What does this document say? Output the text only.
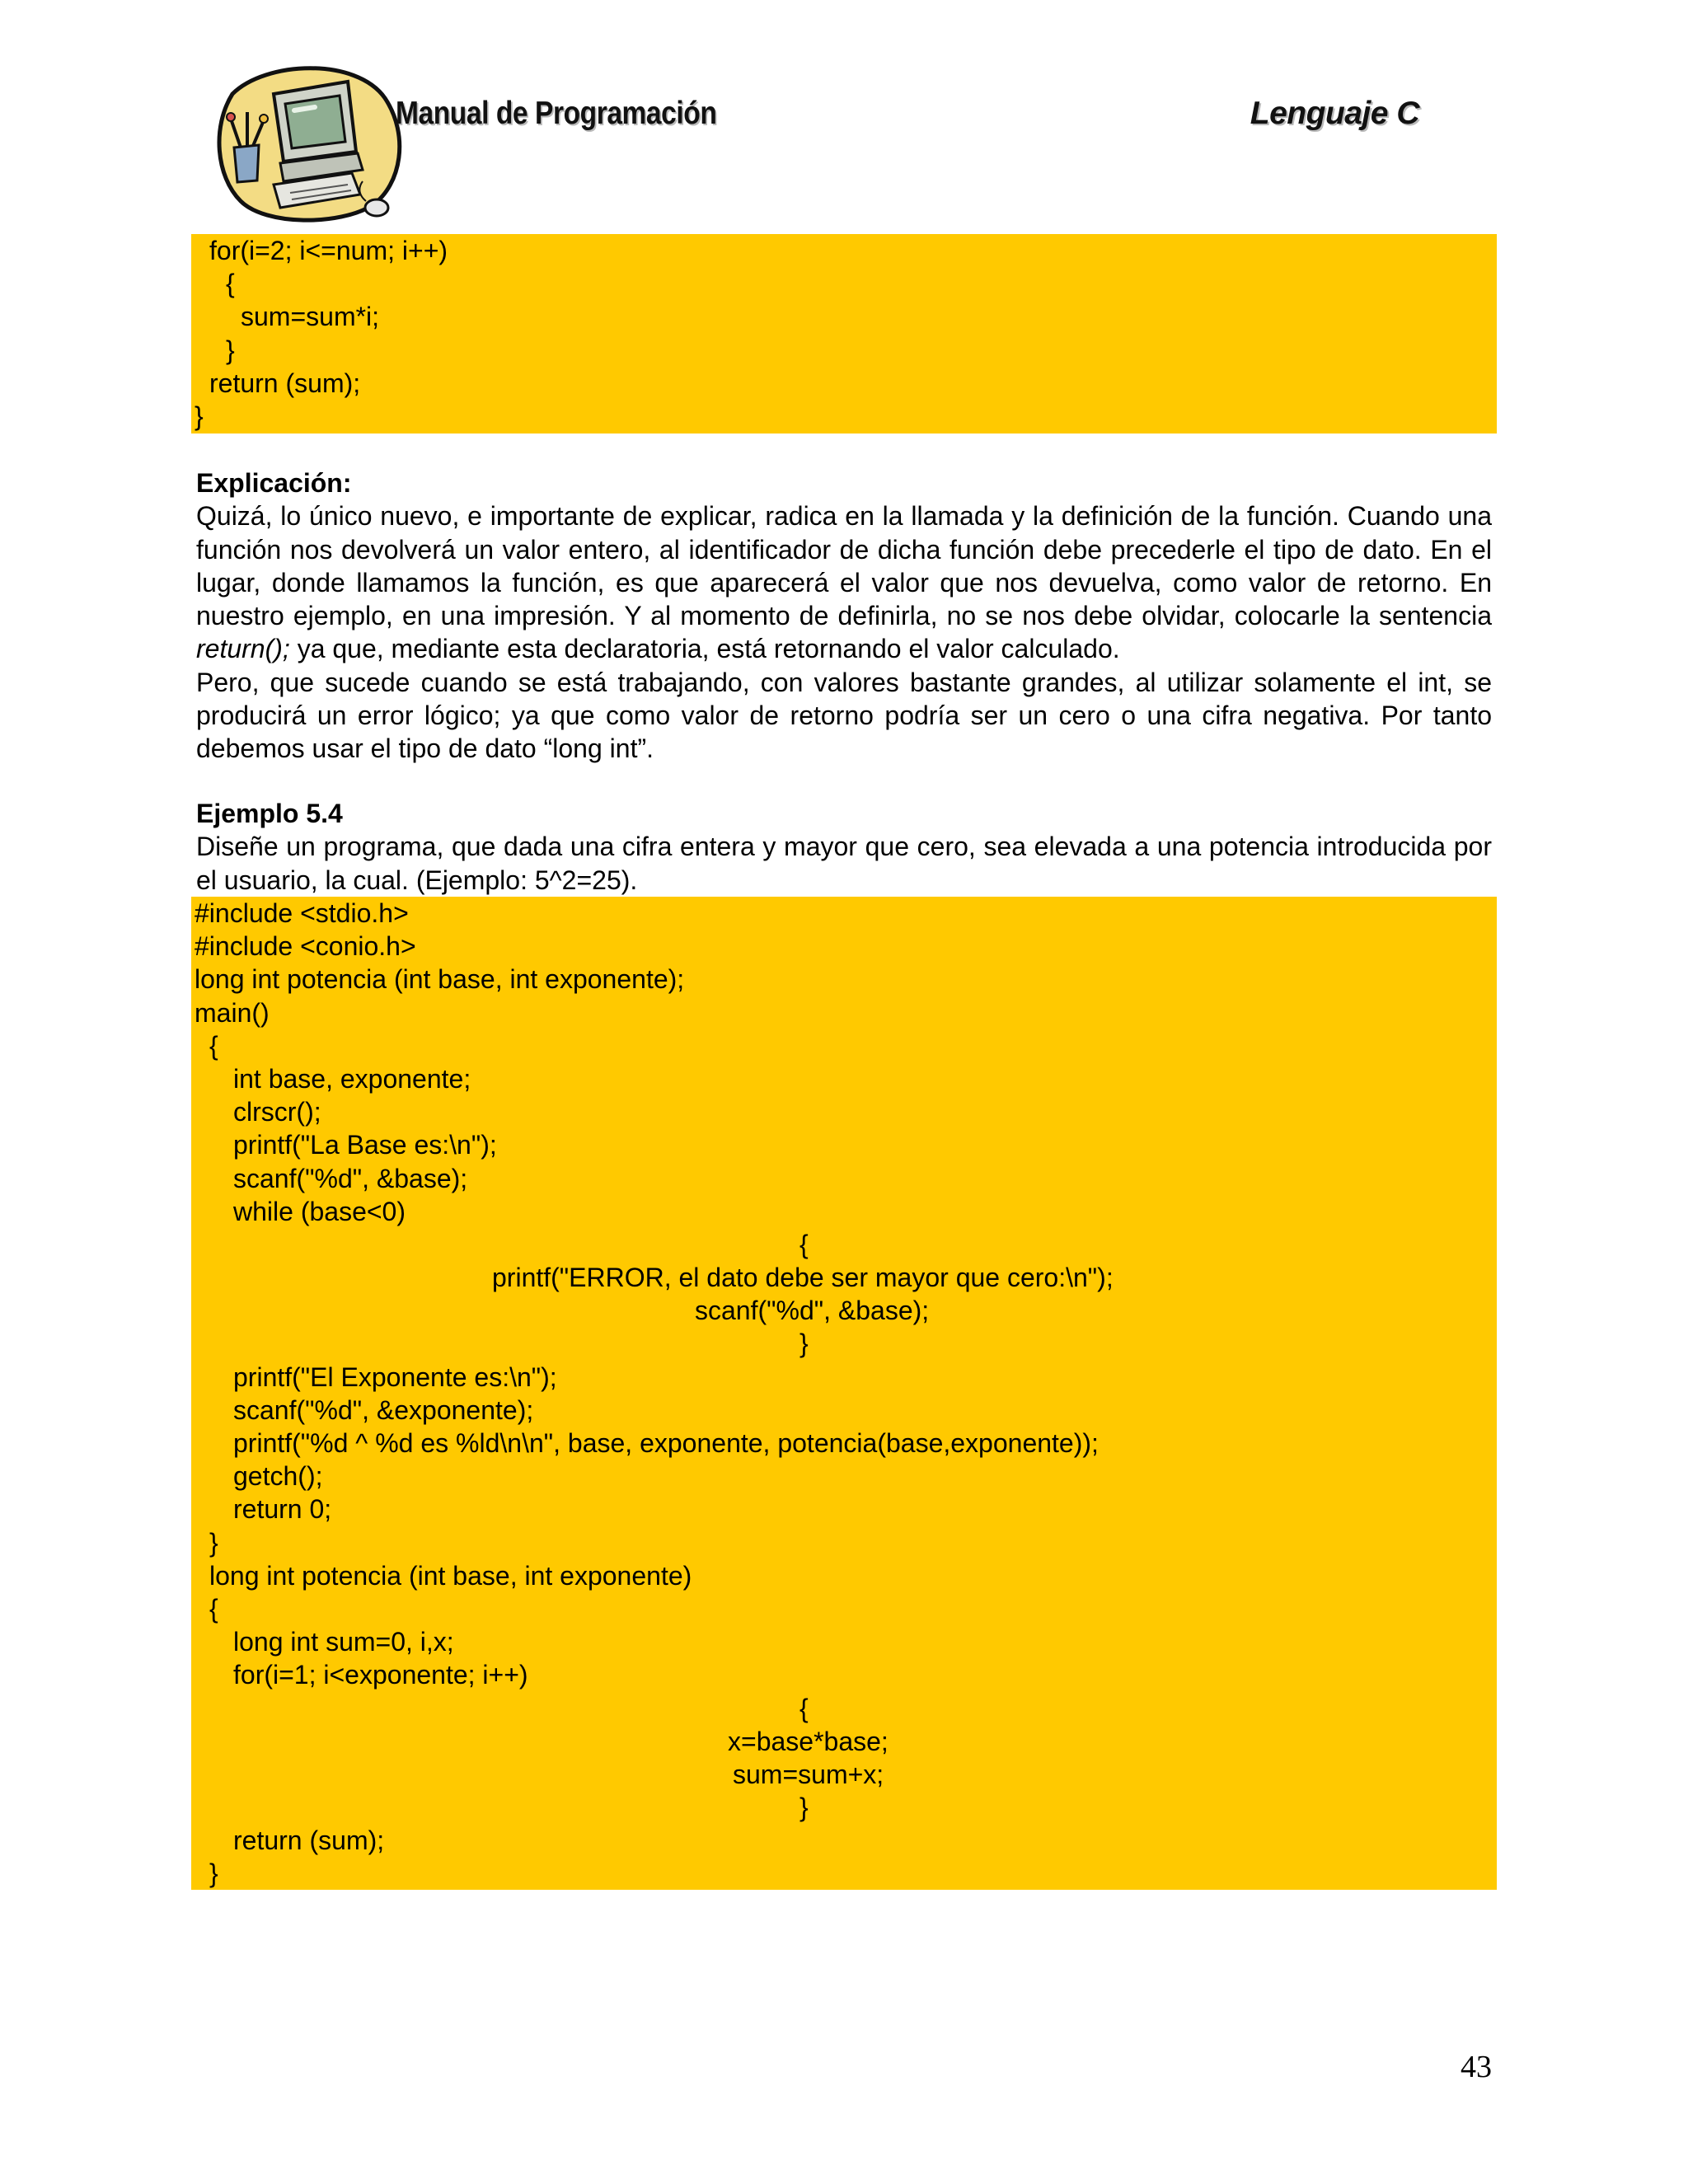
Manual de Programación	Lenguaje C
for(i=2; i<=num; i++)
{
sum=sum*i;
}
return (sum);
}
Explicación:

Quizá, lo único nuevo, e importante de explicar, radica en la llamada y la definición de la función. Cuando una función nos devolverá un valor entero, al identificador de dicha función debe precederle el tipo de dato. En el lugar, donde llamamos la función, es que aparecerá el valor que nos devuelva, como valor de retorno. En nuestro ejemplo, en una impresión. Y al momento de definirla, no se nos debe olvidar, colocarle la sentencia return(); ya que, mediante esta declaratoria, está retornando el valor calculado.

Pero, que sucede cuando se está trabajando, con valores bastante grandes, al utilizar solamente el int, se producirá un error lógico; ya que como valor de retorno podría ser un cero o una cifra negativa. Por tanto debemos usar el tipo de dato “long int”.

Ejemplo 5.4

Diseñe un programa, que dada una cifra entera y mayor que cero, sea elevada a una potencia introducida por el usuario, la cual. (Ejemplo: 5^2=25).

#include <stdio.h>
#include <conio.h>
long int potencia (int base, int exponente);
main()
{
int base, exponente;
clrscr();
printf("La Base es:\n");
scanf("%d", &base);
while (base<0)
{
printf("ERROR, el dato debe ser mayor que cero:\n");
scanf("%d", &base);
}
printf("El Exponente es:\n");
scanf("%d", &exponente);
printf("%d ^ %d es %ld\n\n", base, exponente, potencia(base,exponente));
getch();
return 0;
}
long int potencia (int base, int exponente)
{
long int sum=0, i,x;
for(i=1; i<exponente; i++)
{
x=base*base;
sum=sum+x;
}
return (sum);
}
43
